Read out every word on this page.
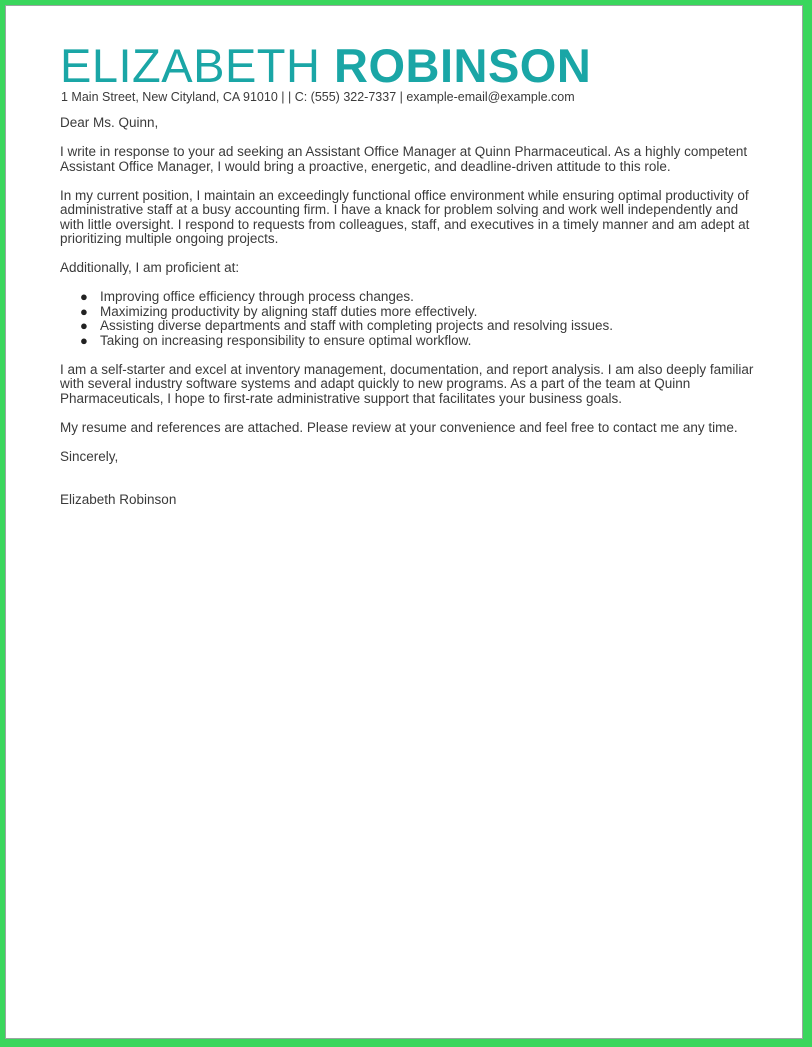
ELIZABETH ROBINSON
1 Main Street, New Cityland, CA 91010 | | C: (555) 322-7337 | example-email@example.com

Dear Ms. Quinn,

I write in response to your ad seeking an Assistant Office Manager at Quinn Pharmaceutical. As a highly competent Assistant Office Manager, I would bring a proactive, energetic, and deadline-driven attitude to this role.

In my current position, I maintain an exceedingly functional office environment while ensuring optimal productivity of administrative staff at a busy accounting firm. I have a knack for problem solving and work well independently and with little oversight. I respond to requests from colleagues, staff, and executives in a timely manner and am adept at prioritizing multiple ongoing projects.

Additionally, I am proficient at:

● Improving office efficiency through process changes.
● Maximizing productivity by aligning staff duties more effectively.
● Assisting diverse departments and staff with completing projects and resolving issues.
● Taking on increasing responsibility to ensure optimal workflow.

I am a self-starter and excel at inventory management, documentation, and report analysis. I am also deeply familiar with several industry software systems and adapt quickly to new programs. As a part of the team at Quinn Pharmaceuticals, I hope to first-rate administrative support that facilitates your business goals.

My resume and references are attached. Please review at your convenience and feel free to contact me any time.

Sincerely,

Elizabeth Robinson
